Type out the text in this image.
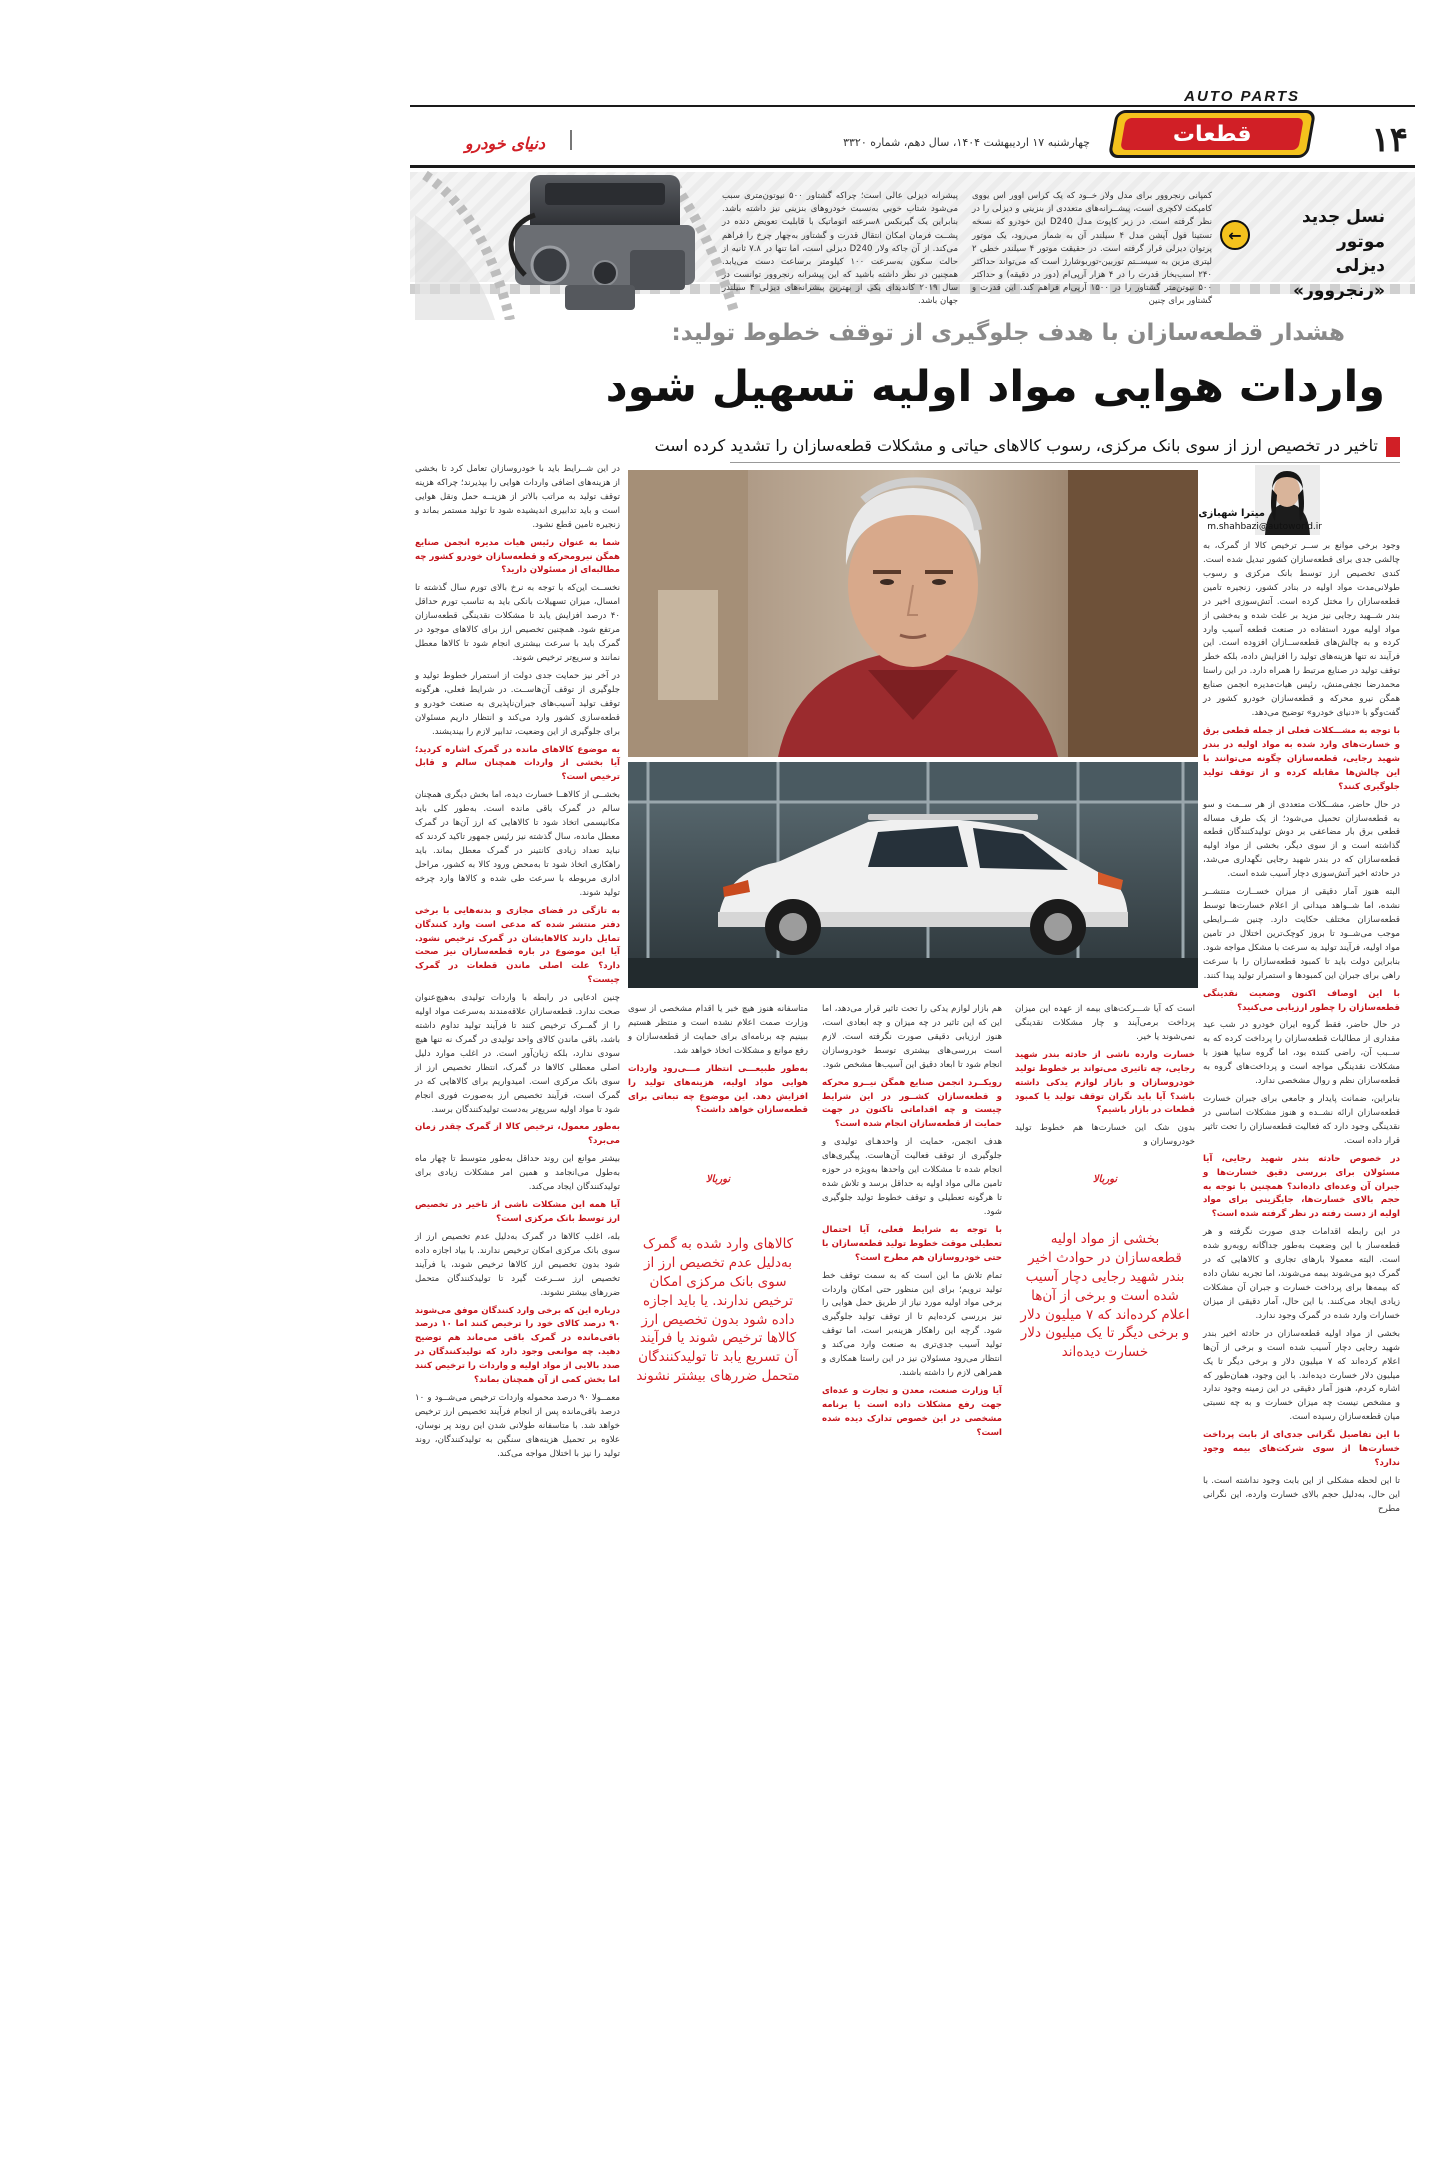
AUTO PARTS
۱۴
قطعات
چهارشنبه ۱۷ اردیبهشت ۱۴۰۴، سال دهم، شماره ۳۳۲۰
دنیای خودرو
نسل جدید موتور
دیزلی «رنجروور»
←
کمپانی رنجروور برای مدل ولار خــود که یک کراس اوور اس یووی کامپکت لاکچری است، پیشــرانه‌های متعددی از بنزینی و دیزلی را در نظر گرفته است. در زیر کاپوت مدل D240 این خودرو که نسخه تستینا فول آپشن مدل ۴ سیلندر آن به شمار می‌رود، یک موتور پرتوان دیزلی قرار گرفته است. در حقیقت موتور ۴ سیلندر خطی ۲ لیتری مزین به سیســتم توربین-توربوشارژ است که می‌تواند حداکثر ۲۴۰ اسب‌بخار قدرت را در ۴ هزار آر‌پی‌ام (دور در دقیقه) و حداکثر ۵۰۰ نیوتن‌متر گشتاور را در ۱۵۰۰ آرپی‌ام فراهم کند. این قدرت و گشتاور برای چنین
پیشرانه دیزلی عالی است؛ چراکه گشتاور ۵۰۰ نیوتون‌متری سبب می‌شود شتاب خوبی به‌نسبت خودروهای بنزینی نیز داشته باشد. بنابراین یک گیربکس ۸سرعته اتوماتیک با قابلیت تعویض دنده در پشــت فرمان امکان انتقال قدرت و گشتاور به‌چهار چرخ را فراهم می‌کند. از آن جاکه ولار D240 دیزلی است، اما تنها در ۷.۸ ثانیه از حالت سکون به‌سرعت ۱۰۰ کیلومتر برساعت دست می‌یابد. همچنین در نظر داشته باشید که این پیشرانه رنجروور توانست در سال ۲۰۱۹ کاندیدای یکی از بهترین پیشرانه‌های دیزلی ۴ سیلندر جهان باشد.
هشدار قطعه‌سازان با هدف جلوگیری از توقف خطوط تولید:
واردات هوایی مواد اولیه تسهیل شود
تاخیر در تخصیص ارز از سوی بانک مرکزی، رسوب کالاهای حیاتی و مشکلات قطعه‌سازان را تشدید کرده است
میترا شهبازی
m.shahbazi@autoworld.ir

وجود برخی موانع بر ســر ترخیص کالا از گمرک، به چالشی جدی برای قطعه‌سازان کشور تبدیل شده است. کندی تخصیص ارز توسط بانک مرکزی و رسوب طولانی‌مدت مواد اولیه در بنادر کشور، زنجیره تامین قطعه‌سازان را مختل کرده است. آتش‌سوزی اخیر در بندر شــهید رجایی نیز مزید بر علت شده و به‌خشی از مواد اولیه مورد استفاده در صنعت قطعه آسیب وارد کرده و به چالش‌های قطعه‌ســازان افزوده است. این فرآیند نه تنها هزینه‌های تولید را افزایش داده، بلکه خطر توقف تولید در صنایع مرتبط را همراه دارد. در این راستا محمدرضا نجفی‌منش، رئیس هیات‌مدیره انجمن صنایع همگن نیرو محرکه و قطعه‌سازان خودرو کشور در گفت‌وگو با «دنیای خودرو» توضیح می‌دهد.

با توجه به مشـــکلات فعلی از جمله قطعی برق و خسارت‌های وارد شده به مواد اولیه در بندر شهید رجایی، قطعه‌سازان چگونه می‌توانند با این چالش‌ها مقابله کرده و از توقف تولید جلوگیری کنند؟

در حال حاضر، مشــکلات متعددی از هر ســمت و سو به قطعه‌سازان تحمیل می‌شود؛ از یک طرف مساله قطعی برق بار مضاعفی بر دوش تولیدکنندگان قطعه گذاشته است و از سوی دیگر، بخشی از مواد اولیه قطعه‌سازان که در بندر شهید رجایی نگهداری می‌شد، در حادثه اخیر آتش‌سوزی دچار آسیب شده است.

البته هنوز آمار دقیقی از میزان خســارت منتشــر نشده، اما شــواهد میدانی از اعلام خسارت‌ها توسط قطعه‌سازان مختلف حکایت دارد. چنین شــرایطی موجب می‌شــود تا بروز کوچک‌ترین اختلال در تامین مواد اولیه، فرآیند تولید به سرعت با مشکل مواجه شود. بنابراین دولت باید تا کمبود قطعه‌سازان را با سرعت راهی برای جبران این کمبودها و استمرار تولید پیدا کنند.

با این اوصاف اکنون وضعیت نقدینگی قطعه‌سازان را چطور ارزیابی می‌کنید؟

در حال حاضر، فقط گروه ایران خودرو در شب عید مقداری از مطالبات قطعه‌سازان را پرداخت کرده که به ســبب آن، راضی کننده بود، اما گروه سایپا هنوز با مشکلات نقدینگی مواجه است و پرداخت‌های گروه به قطعه‌سازان نظم و روال مشخصی ندارد.

بنابراین، ضمانت پایدار و جامعی برای جبران خسارت قطعه‌سازان ارائه نشــده و هنوز مشکلات اساسی در نقدینگی وجود دارد که فعالیت قطعه‌سازان را تحت تاثیر قرار داده است.

در خصوص حادثه بندر شهید رجایی، آیا مسئولان برای بررسی دقیق خسارت‌ها و جبران آن وعده‌ای داده‌اند؟ همچنین با توجه به حجم بالای خسارت‌ها، جایگزینی برای مواد اولیه از دست رفته در نظر گرفته شده است؟

در این رابطه اقدامات جدی صورت نگرفته و هر قطعه‌ساز با این وضعیت به‌طور جداگانه روبه‌رو شده است. البته معمولا بارهای تجاری و کالاهایی که در گمرک دپو می‌شوند بیمه می‌شوند، اما تجربه نشان داده که بیمه‌ها برای پرداخت خسارت و جبران آن مشکلات زیادی ایجاد می‌کنند. با این حال، آمار دقیقی از میزان خسارات وارد شده در گمرک وجود ندارد.

بخشی از مواد اولیه قطعه‌سازان در حادثه اخیر بندر شهید رجایی دچار آسیب شده است و برخی از آن‌ها اعلام کرده‌اند که ۷ میلیون دلار و برخی دیگر تا یک میلیون دلار خسارت دیده‌اند. با این وجود، همان‌طور که اشاره کردم، هنوز آمار دقیقی در این زمینه وجود ندارد و مشخص نیست چه میزان خسارت و به چه نسبتی میان قطعه‌سازان رسیده است.

با این تفاصیل نگرانی جدی‌ای از بابت پرداخت خسارت‌ها از سوی شرکت‌های بیمه وجود ندارد؟

تا این لحظه مشکلی از این بابت وجود نداشته است. با این حال، به‌دلیل حجم بالای خسارت وارده، این نگرانی مطرح

در این شــرایط باید با خودروسازان تعامل کرد تا بخشی از هزینه‌های اضافی واردات هوایی را بپذیرند؛ چراکه هزینه توقف تولید به مراتب بالاتر از هزینــه حمل ونقل هوایی است و باید تدابیری اندیشیده شود تا تولید مستمر بماند و زنجیره تامین قطع نشود.

شما به عنوان رئیس هیات مدیره انجمن صنایع همگن نیرومحرکه و قطعه‌سازان خودرو کشور چه مطالبه‌ای از مسئولان دارید؟

نخســت این‌که با توجه به نرخ بالای تورم سال گذشته تا امسال، میزان تسهیلات بانکی باید به تناسب تورم حداقل ۴۰ درصد افزایش یابد تا مشکلات نقدینگی قطعه‌سازان مرتفع شود. همچنین تخصیص ارز برای کالاهای موجود در گمرک باید با سرعت بیشتری انجام شود تا کالاها معطل نمانند و سریع‌تر ترخیص شوند.

در آخر نیز حمایت جدی دولت از استمرار خطوط تولید و جلوگیری از توقف آن‌هاســت. در شرایط فعلی، هرگونه توقف تولید آسیب‌های جبران‌ناپذیری به صنعت خودرو و قطعه‌سازی کشور وارد می‌کند و انتظار داریم مسئولان برای جلوگیری از این وضعیت، تدابیر لازم را بیندیشند.

به موضوع کالاهای مانده در گمرک اشاره کردید؛ آیا بخشی از واردات همچنان سالم و قابل ترخیص است؟

بخشــی از کالاهــا خسارت دیده، اما بخش دیگری همچنان سالم در گمرک باقی مانده است. به‌طور کلی باید مکانیسمی اتخاذ شود تا کالاهایی که ارز آن‌ها در گمرک معطل مانده، سال گذشته نیز رئیس جمهور تاکید کردند که نباید تعداد زیادی کانتینر در گمرک معطل بماند. باید راهکاری اتخاذ شود تا به‌محض ورود کالا به کشور، مراحل اداری مربوطه با سرعت طی شده و کالاها وارد چرخه تولید شوند.

به تازگی در فضای مجازی و بدنه‌هایی با برخی دفتر منتشر شده که مدعی است وارد کنندگان تمایل دارند کالاهایشان در گمرک ترخیص نشود. آیا این موضوع در باره قطعه‌سازان نیز صحت دارد؟ علت اصلی ماندن قطعات در گمرک چیست؟

چنین ادعایی در رابطه با واردات تولیدی به‌هیچ‌عنوان صحت ندارد. قطعه‌سازان علاقه‌مندند به‌سرعت مواد اولیه را از گمــرک ترخیص کنند تا فرآیند تولید تداوم داشته باشد، باقی ماندن کالای واحد تولیدی در گمرک نه تنها هیچ سودی ندارد، بلکه زیان‌آور است. در اغلب موارد دلیل اصلی معطلی کالاها در گمرک، انتظار تخصیص ارز از سوی بانک مرکزی است. امیدواریم برای کالاهایی که در گمرک است، فرآیند تخصیص ارز به‌صورت فوری انجام شود تا مواد اولیه سریع‌تر به‌دست تولیدکنندگان برسد.

به‌طور معمول، ترخیص کالا از گمرک چقدر زمان می‌برد؟

بیشتر موانع این روند حداقل به‌طور متوسط تا چهار ماه به‌طول می‌انجامد و همین امر مشکلات زیادی برای تولیدکنندگان ایجاد می‌کند.

آیا همه این مشکلات ناشی از تاخیر در تخصیص ارز توسط بانک مرکزی است؟

بله، اغلب کالاها در گمرک به‌دلیل عدم تخصیص ارز از سوی بانک مرکزی امکان ترخیص ندارند. با بیاد اجازه داده شود بدون تخصیص ارز کالاها ترخیص شوند، یا فرآیند تخصیص ارز ســرعت گیرد تا تولیدکنندگان متحمل ضررهای بیشتر نشوند.

درباره این که برخی وارد کنندگان موفق می‌شوند ۹۰ درصد کالای خود را ترخیص کنند اما ۱۰ درصد باقی‌مانده در گمرک باقی می‌ماند هم توضیح دهید. چه موانعی وجود دارد که تولیدکنندگان در صدد بالایی از مواد اولیه و واردات را ترخیص کنند اما بخش کمی از آن همچنان بماند؟

معمــولا ۹۰ درصد محموله واردات ترخیص می‌شــود و ۱۰ درصد باقی‌مانده پس از انجام فرآیند تخصیص ارز ترخیص خواهد شد. با متاسفانه طولانی شدن این روند پر نوسان، علاوه بر تحمیل هزینه‌های سنگین به تولیدکنندگان، روند تولید را نیز با اختلال مواجه می‌کند.

است که آیا شـــرکت‌های بیمه از عهده این میزان پرداخت برمی‌آیند و چار مشکلات نقدینگی نمی‌شوند یا خیر.

خسارت وارده ناشی از حادثه بندر شهید رجایی، چه تاثیری می‌تواند بر خطوط تولید خودروسازان و بازار لوازم یدکی داشته باشد؟ آیا باید نگران توقف تولید یا کمبود قطعات در بازار باشیم؟

بدون شک این خسارت‌ها هم خطوط تولید خودروسازان و

هم بازار لوازم یدکی را تحت تاثیر قرار می‌دهد، اما این که این تاثیر در چه میزان و چه ابعادی است، هنوز ارزیابی دقیقی صورت نگرفته است. لازم است بررسی‌های بیشتری توسط خودروسازان انجام شود تا ابعاد دقیق این آسیب‌ها مشخص شود.

رویکــرد انجمن صنایع همگن نیــرو محرکه و قطعه‌سازان کشــور در این شرایط چیست و چه اقداماتی تاکنون در جهت حمایت از قطعه‌سازان انجام شده است؟

هدف انجمن، حمایت از واحدهـای تولیدی و جلوگیری از توقف فعالیت آن‌هاست. پیگیری‌های انجام شده تا مشکلات این واحدها به‌ویژه در حوزه تامین مالی مواد اولیه به حداقل برسد و تلاش شده تا هرگونه تعطیلی و توقف خطوط تولید جلوگیری شود.

با توجه به شرایط فعلی، آیا احتمال تعطیلی موقت خطوط تولید قطعه‌سازان با حتی خودروسازان هم مطرح است؟

تمام تلاش ما این است که به سمت توقف خط تولید نرویم؛ برای این منظور حتی امکان واردات برخی مواد اولیه مورد نیاز از طریق حمل هوایی را نیز بررسی کرده‌ایم تا از توقف تولید جلوگیری شود. گرچه این راهکار هزینه‌بر است، اما توقف تولید آسیب جدی‌تری به صنعت وارد می‌کند و انتظار می‌رود مسئولان نیز در این راستا همکاری و همراهی لازم را داشته باشند.

آیا وزارت صنعت، معدن و تجارت و عده‌ای جهت رفع مشکلات داده است یا برنامه مشخصی در این خصوص تدارک دیده شده است؟

متاسفانه هنوز هیچ خبر یا اقدام مشخصی از سوی وزارت صمت اعلام نشده است و منتظر هستیم ببینیم چه برنامه‌ای برای حمایت از قطعه‌سازان و رفع موانع و مشکلات اتخاذ خواهد شد.

به‌طور طبیعـــی انتظار مـــی‌رود واردات هوایی مواد اولیه، هزینه‌های تولید را افزایش دهد. این موضوع چه تبعاتی برای قطعه‌سازان خواهد داشت؟

نوربالا
بخشی از مواد اولیه قطعه‌سازان در حوادث اخیر بندر شهید رجایی دچار آسیب شده است و برخی از آن‌ها اعلام کرده‌اند که ۷ میلیون دلار و برخی دیگر تا یک میلیون دلار خسارت دیده‌اند
نوربالا
کالاهای وارد شده به گمرک به‌دلیل عدم تخصیص ارز از سوی بانک مرکزی امکان ترخیص ندارند. یا باید اجازه داده شود بدون تخصیص ارز کالاها ترخیص شوند یا فرآیند آن تسریع یابد تا تولیدکنندگان متحمل ضررهای بیشتر نشوند
